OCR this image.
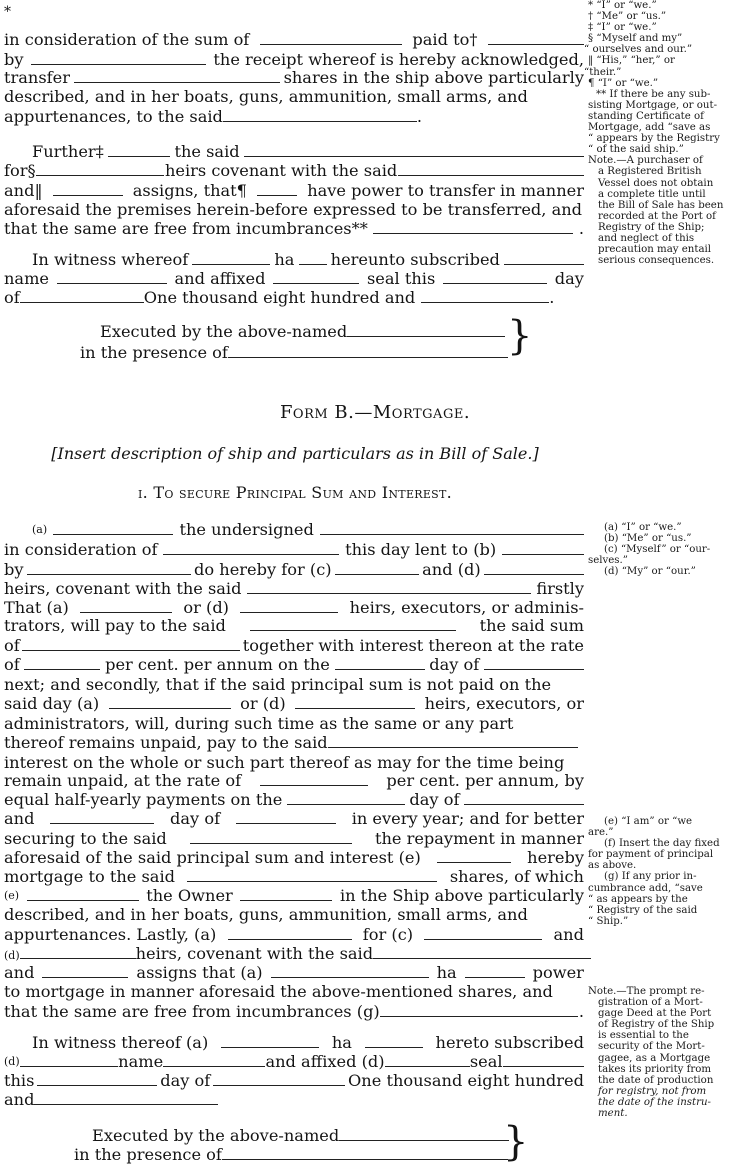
*
in consideration of the sum of	paid to†
by	the receipt whereof is hereby acknowledged,
transfer	shares in the ship above particularly
described, and in her boats, guns, ammunition, small arms, and
appurtenances, to the said	.
Further‡	the said
for§	heirs covenant with the said
and‖	assigns, that¶	have power to transfer in manner
aforesaid the premises herein-before expressed to be transferred, and
that the same are free from incumbrances**	.
In witness whereof	ha hereunto subscribed
name	and affixed	seal this	day
of	One thousand eight hundred and	.
Executed by the above-named
in the presence of	}
Form B.—Mortgage.
[Insert description of ship and particulars as in Bill of Sale.]
i. To secure Principal Sum and Interest.
(a)	the undersigned
in consideration of	this day lent to (b)
by	do hereby for (c)	and (d)
heirs, covenant with the said	firstly
That (a)	or (d)	heirs, executors, or adminis-
trators, will pay to the said	the said sum
of	together with interest thereon at the rate
of	per cent. per annum on the	day of
next; and secondly, that if the said principal sum is not paid on the
said day (a)	or (d)	heirs, executors, or
administrators, will, during such time as the same or any part
thereof remains unpaid, pay to the said
interest on the whole or such part thereof as may for the time being
remain unpaid, at the rate of	per cent. per annum, by
equal half-yearly payments on the	day of
and	day of	in every year; and for better
securing to the said	the repayment in manner
aforesaid of the said principal sum and interest (e)	hereby
mortgage to the said	shares, of which
(e)	the Owner	in the Ship above particularly
described, and in her boats, guns, ammunition, small arms, and
appurtenances. Lastly, (a)	for (c)	and
(d)	heirs, covenant with the said
and	assigns that (a)	ha	power
to mortgage in manner aforesaid the above-mentioned shares, and
that the same are free from incumbrances (g)	.
In witness thereof (a)	ha	hereto subscribed
(d)	name	and affixed (d)	seal
this	day of	One thousand eight hundred
and
Executed by the above-named
in the presence of	}
* “I” or “we.”
† “Me” or “us.”
‡ “I” or “we.”
§ “Myself and my”
“ ourselves and our.”
‖ “His,” “her,” or
“their.”
¶ “I” or “we.”
** If there be any sub-
sisting Mortgage, or out-
standing Certificate of
Mortgage, add “save as
“ appears by the Registry
“ of the said ship.”
Note.—A purchaser of
a Registered British
Vessel does not obtain
a complete title until
the Bill of Sale has been
recorded at the Port of
Registry of the Ship;
and neglect of this
precaution may entail
serious consequences.
(a) “I” or “we.”
(b) “Me” or “us.”
(c) “Myself” or “our-
selves.”
(d) “My” or “our.”
(e) “I am” or “we
are.”
(f) Insert the day fixed
for payment of principal
as above.
(g) If any prior in-
cumbrance add, “save
“ as appears by the
“ Registry of the said
“ Ship.”
Note.—The prompt re-
gistration of a Mort-
gage Deed at the Port
of Registry of the Ship
is essential to the
security of the Mort-
gagee, as a Mortgage
takes its priority from
the date of production
for registry, not from
the date of the instru-
ment.
